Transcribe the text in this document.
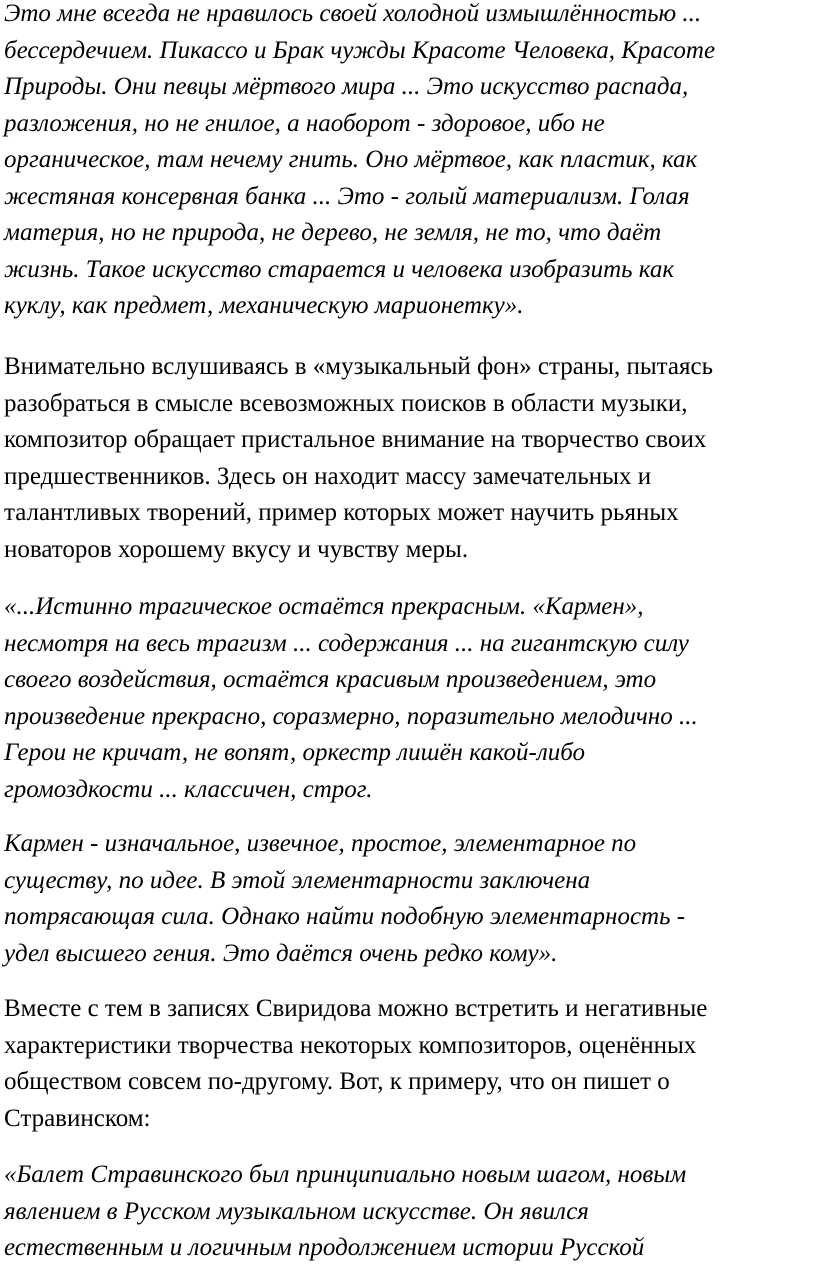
Это мне всегда не нравилось своей холодной измышлённостью ...
бессердечием. Пикассо и Брак чужды Красоте Человека, Красоте
Природы. Они певцы мёртвого мира ... Это искусство распада,
разложения, но не гнилое, а наоборот - здоровое, ибо не
органическое, там нечему гнить. Оно мёртвое, как пластик, как
жестяная консервная банка ... Это - голый материализм. Голая
материя, но не природа, не дерево, не земля, не то, что даёт
жизнь. Такое искусство старается и человека изобразить как
куклу, как предмет, механическую марионетку».

Внимательно вслушиваясь в «музыкальный фон» страны, пытаясь
разобраться в смысле всевозможных поисков в области музыки,
композитор обращает пристальное внимание на творчество своих
предшественников. Здесь он находит массу замечательных и
талантливых творений, пример которых может научить рьяных
новаторов хорошему вкусу и чувству меры.

«...Истинно трагическое остаётся прекрасным. «Кармен»,
несмотря на весь трагизм ... содержания ... на гигантскую силу
своего воздействия, остаётся красивым произведением, это
произведение прекрасно, соразмерно, поразительно мелодично ...
Герои не кричат, не вопят, оркестр лишён какой-либо
громоздкости ... классичен, строг.

Кармен - изначальное, извечное, простое, элементарное по
существу, по идее. В этой элементарности заключена
потрясающая сила. Однако найти подобную элементарность -
удел высшего гения. Это даётся очень редко кому».

Вместе с тем в записях Свиридова можно встретить и негативные
характеристики творчества некоторых композиторов, оценённых
обществом совсем по-другому. Вот, к примеру, что он пишет о
Стравинском:

«Балет Стравинского был принципиально новым шагом, новым
явлением в Русском музыкальном искусстве. Он явился
естественным и логичным продолжением истории Русской
